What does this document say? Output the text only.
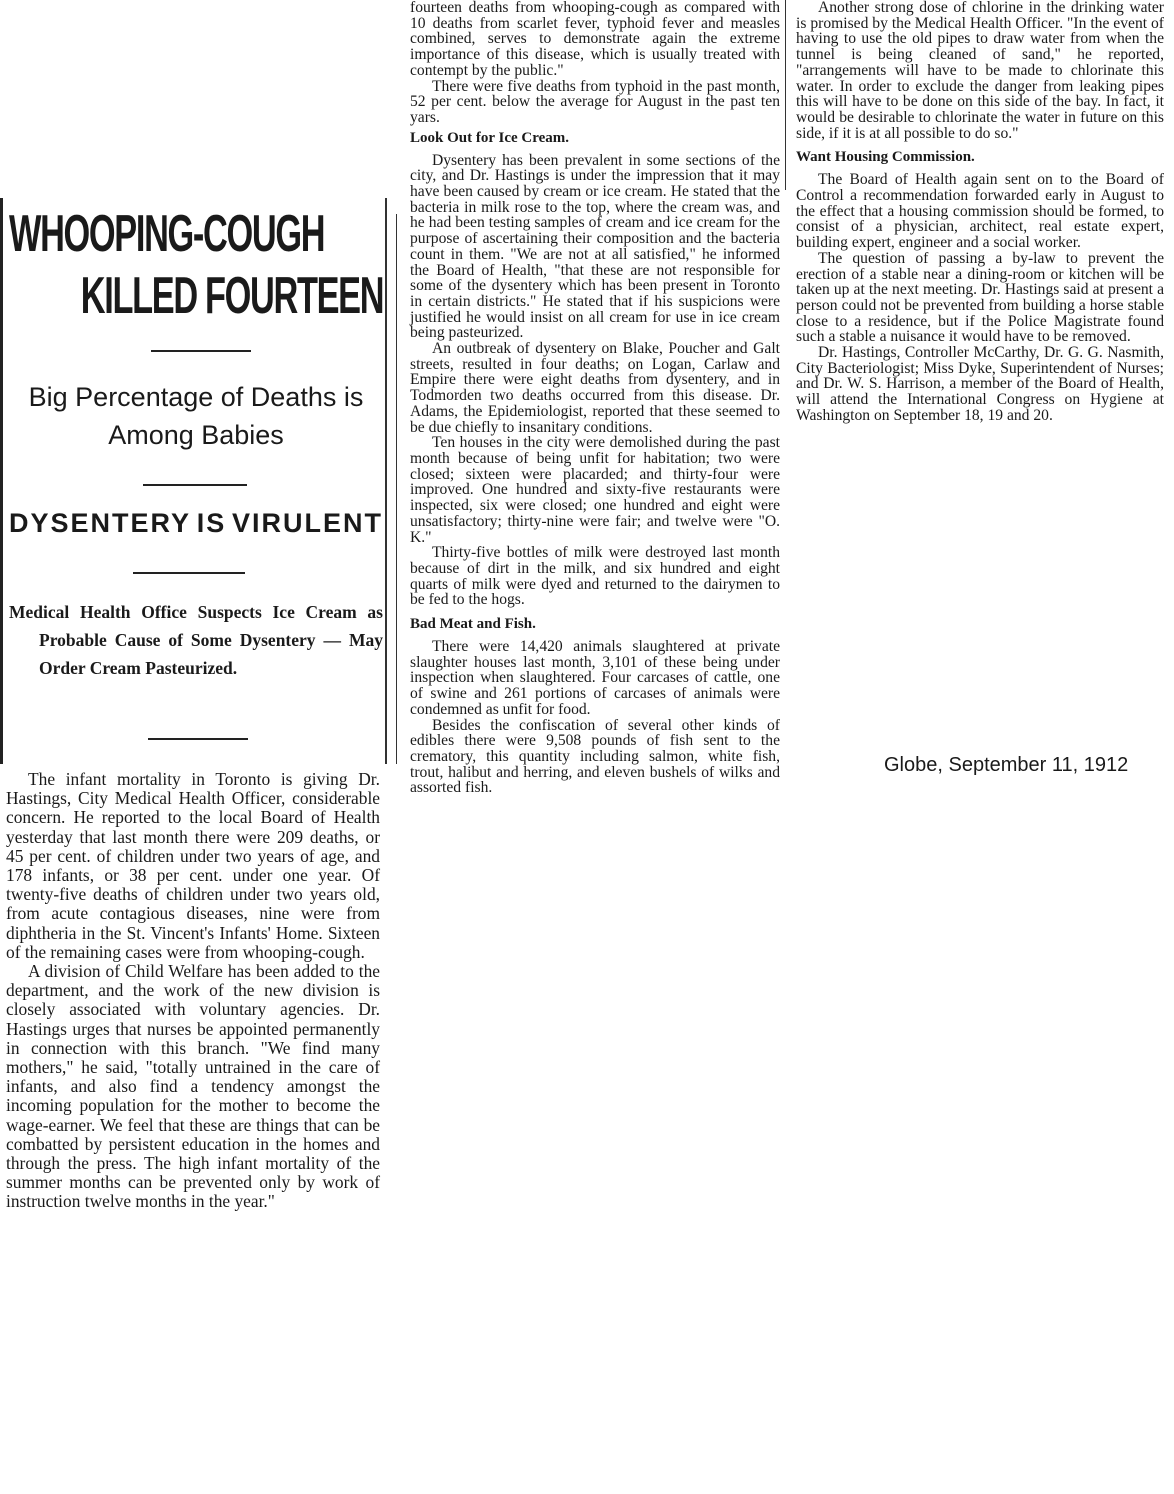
WHOOPING-COUGH
KILLED FOURTEEN
Big Percentage of Deaths is Among Babies
DYSENTERY IS VIRULENT
Medical Health Office Suspects Ice Cream as Probable Cause of Some Dysentery — May Order Cream Pasteurized.

The infant mortality in Toronto is giving Dr. Hastings, City Medical Health Officer, considerable concern. He reported to the local Board of Health yesterday that last month there were 209 deaths, or 45 per cent. of children under two years of age, and 178 infants, or 38 per cent. under one year. Of twenty-five deaths of children under two years old, from acute contagious diseases, nine were from diphtheria in the St. Vincent's Infants' Home. Sixteen of the remaining cases were from whooping-cough.

A division of Child Welfare has been added to the department, and the work of the new division is closely associated with voluntary agencies. Dr. Hastings urges that nurses be appointed permanently in connection with this branch. "We find many mothers," he said, "totally untrained in the care of infants, and also find a tendency amongst the incoming population for the mother to become the wage-earner. We feel that these are things that can be combatted by persistent education in the homes and through the press. The high infant mortality of the summer months can be prevented only by work of instruction twelve months in the year."

fourteen deaths from whooping-cough as compared with 10 deaths from scarlet fever, typhoid fever and measles combined, serves to demonstrate again the extreme importance of this disease, which is usually treated with contempt by the public."

There were five deaths from typhoid in the past month, 52 per cent. below the average for August in the past ten yars.

Look Out for Ice Cream.

Dysentery has been prevalent in some sections of the city, and Dr. Hastings is under the impression that it may have been caused by cream or ice cream. He stated that the bacteria in milk rose to the top, where the cream was, and he had been testing samples of cream and ice cream for the purpose of ascertaining their composition and the bacteria count in them. "We are not at all satisfied," he informed the Board of Health, "that these are not responsible for some of the dysentery which has been present in Toronto in certain districts." He stated that if his suspicions were justified he would insist on all cream for use in ice cream being pasteurized.

An outbreak of dysentery on Blake, Poucher and Galt streets, resulted in four deaths; on Logan, Carlaw and Empire there were eight deaths from dysentery, and in Todmorden two deaths occurred from this disease. Dr. Adams, the Epidemiologist, reported that these seemed to be due chiefly to insanitary conditions.

Ten houses in the city were demolished during the past month because of being unfit for habitation; two were closed; sixteen were placarded; and thirty-four were improved. One hundred and sixty-five restaurants were inspected, six were closed; one hundred and eight were unsatisfactory; thirty-nine were fair; and twelve were "O. K."

Thirty-five bottles of milk were destroyed last month because of dirt in the milk, and six hundred and eight quarts of milk were dyed and returned to the dairymen to be fed to the hogs.

Bad Meat and Fish.

There were 14,420 animals slaughtered at private slaughter houses last month, 3,101 of these being under inspection when slaughtered. Four carcases of cattle, one of swine and 261 portions of carcases of animals were condemned as unfit for food.

Besides the confiscation of several other kinds of edibles there were 9,508 pounds of fish sent to the crematory, this quantity including salmon, white fish, trout, halibut and herring, and eleven bushels of wilks and assorted fish.

Another strong dose of chlorine in the drinking water is promised by the Medical Health Officer. "In the event of having to use the old pipes to draw water from when the tunnel is being cleaned of sand," he reported, "arrangements will have to be made to chlorinate this water. In order to exclude the danger from leaking pipes this will have to be done on this side of the bay. In fact, it would be desirable to chlorinate the water in future on this side, if it is at all possible to do so."

Want Housing Commission.

The Board of Health again sent on to the Board of Control a recommendation forwarded early in August to the effect that a housing commission should be formed, to consist of a physician, architect, real estate expert, building expert, engineer and a social worker.

The question of passing a by-law to prevent the erection of a stable near a dining-room or kitchen will be taken up at the next meeting. Dr. Hastings said at present a person could not be prevented from building a horse stable close to a residence, but if the Police Magistrate found such a stable a nuisance it would have to be removed.

Dr. Hastings, Controller McCarthy, Dr. G. G. Nasmith, City Bacteriologist; Miss Dyke, Superintendent of Nurses; and Dr. W. S. Harrison, a member of the Board of Health, will attend the International Congress on Hygiene at Washington on September 18, 19 and 20.

Globe, September 11, 1912
